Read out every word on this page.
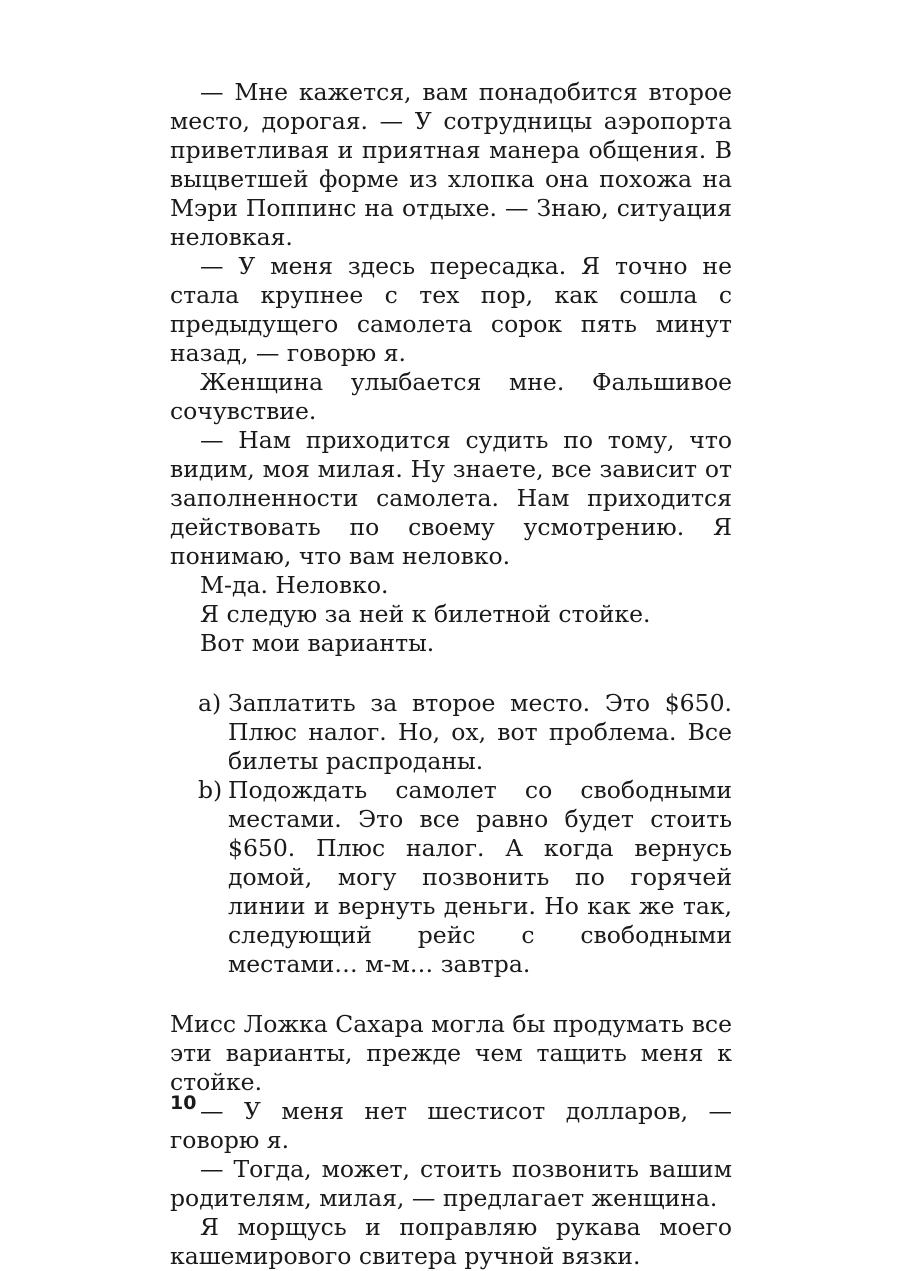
— Мне кажется, вам понадобится второе место, дорогая. — У сотрудницы аэропорта приветливая и приятная манера общения. В выцветшей форме из хлопка она похожа на Мэри Поппинс на отдыхе. — Знаю, ситуация неловкая.

— У меня здесь пересадка. Я точно не стала крупнее с тех пор, как сошла с предыдущего самолета сорок пять минут назад, — говорю я.

Женщина улыбается мне. Фальшивое сочувствие.

— Нам приходится судить по тому, что видим, моя милая. Ну знаете, все зависит от заполненности самолета. Нам приходится действовать по своему усмотрению. Я понимаю, что вам неловко.

М-да. Неловко.

Я следую за ней к билетной стойке.

Вот мои варианты.

a) Заплатить за второе место. Это $650. Плюс налог. Но, ох, вот проблема. Все билеты распроданы.
b) Подождать самолет со свободными местами. Это все равно будет стоить $650. Плюс налог. А когда вернусь домой, могу позвонить по горячей линии и вернуть деньги. Но как же так, следующий рейс с свободными местами… м-м… завтра.

Мисс Ложка Сахара могла бы продумать все эти варианты, прежде чем тащить меня к стойке.

— У меня нет шестисот долларов, — говорю я.

— Тогда, может, стоить позвонить вашим родителям, милая, — предлагает женщина.

Я морщусь и поправляю рукава моего кашемирового свитера ручной вязки.

10
